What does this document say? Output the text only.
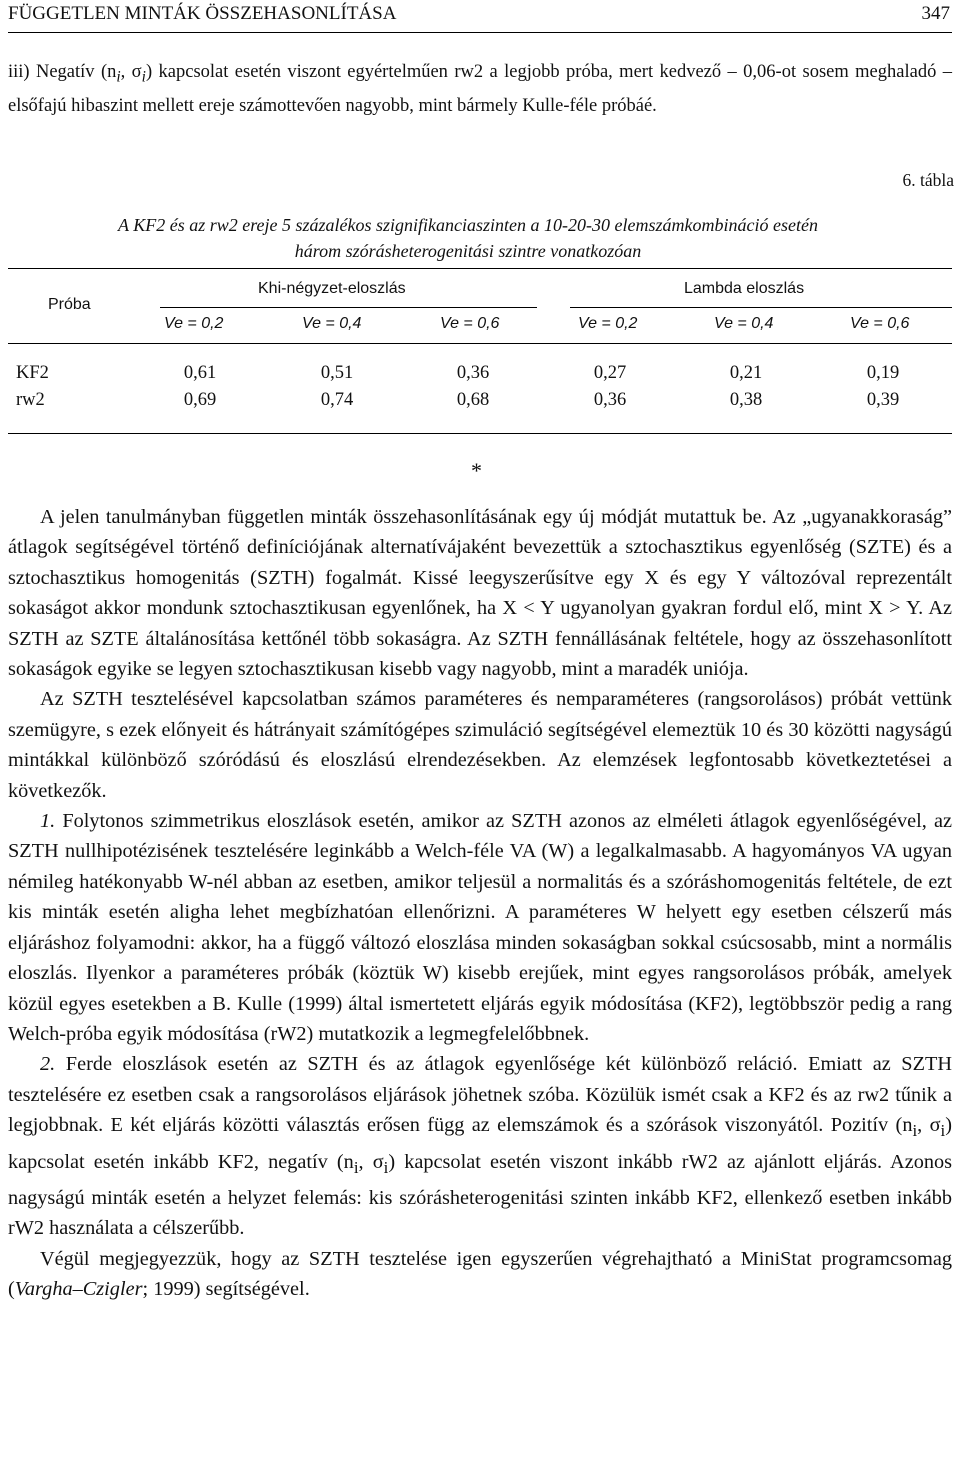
FÜGGETLEN MINTÁK ÖSSZEHASONLÍTÁSA	347

iii) Negatív ($n_i$, $\sigma_i$) kapcsolat esetén viszont egyértelműen rw2 a legjobb próba, mert kedvező – 0,06-ot sosem meghaladó – elsőfajú hibaszint mellett ereje számottevően nagyobb, mint bármely Kulle-féle próbáé.

6. tábla
A KF2 és az rw2 ereje 5 százalékos szignifikanciaszinten a 10-20-30 elemszámkombináció esetén
három szórásheterogenitási szintre vonatkozóan
Próba
Khi-négyzet-eloszlás	Lambda eloszlás
Ve = 0,2	Ve = 0,4	Ve = 0,6	Ve = 0,2	Ve = 0,4	Ve = 0,6
KF2	0,61	0,51	0,36	0,27	0,21	0,19
rw2	0,69	0,74	0,68	0,36	0,38	0,39
*

A jelen tanulmányban független minták összehasonlításának egy új módját mutattuk be. Az „ugyanakkoraság” átlagok segítségével történő definíciójának alternatívájaként bevezettük a sztochasztikus egyenlőség (SZTE) és a sztochasztikus homogenitás (SZTH) fogalmát. Kissé leegyszerűsítve egy X és egy Y változóval reprezentált sokaságot akkor mondunk sztochasztikusan egyenlőnek, ha X < Y ugyanolyan gyakran fordul elő, mint X > Y. Az SZTH az SZTE általánosítása kettőnél több sokaságra. Az SZTH fennállásának feltétele, hogy az összehasonlított sokaságok egyike se legyen sztochasztikusan kisebb vagy nagyobb, mint a maradék uniója.

Az SZTH tesztelésével kapcsolatban számos paraméteres és nemparaméteres (rangsorolásos) próbát vettünk szemügyre, s ezek előnyeit és hátrányait számítógépes szimuláció segítségével elemeztük 10 és 30 közötti nagyságú mintákkal különböző szóródású és eloszlású elrendezésekben. Az elemzések legfontosabb következtetései a következők.

1. Folytonos szimmetrikus eloszlások esetén, amikor az SZTH azonos az elméleti átlagok egyenlőségével, az SZTH nullhipotézisének tesztelésére leginkább a Welch-féle VA (W) a legalkalmasabb. A hagyományos VA ugyan némileg hatékonyabb W-nél abban az esetben, amikor teljesül a normalitás és a szóráshomogenitás feltétele, de ezt kis minták esetén aligha lehet megbízhatóan ellenőrizni. A paraméteres W helyett egy esetben célszerű más eljáráshoz folyamodni: akkor, ha a függő változó eloszlása minden sokaságban sokkal csúcsosabb, mint a normális eloszlás. Ilyenkor a paraméteres próbák (köztük W) kisebb erejűek, mint egyes rangsorolásos próbák, amelyek közül egyes esetekben a B. Kulle (1999) által ismertetett eljárás egyik módosítása (KF2), legtöbbször pedig a rang Welch-próba egyik módosítása (rW2) mutatkozik a legmegfelelőbbnek.

2. Ferde eloszlások esetén az SZTH és az átlagok egyenlősége két különböző reláció. Emiatt az SZTH tesztelésére ez esetben csak a rangsorolásos eljárások jöhetnek szóba. Közülük ismét csak a KF2 és az rw2 tűnik a legjobbnak. E két eljárás közötti választás erősen függ az elemszámok és a szórások viszonyától. Pozitív ($n_i$, $\sigma_i$) kapcsolat esetén inkább KF2, negatív ($n_i$, $\sigma_i$) kapcsolat esetén viszont inkább rW2 az ajánlott eljárás. Azonos nagyságú minták esetén a helyzet felemás: kis szórásheterogenitási szinten inkább KF2, ellenkező esetben inkább rW2 használata a célszerűbb.

Végül megjegyezzük, hogy az SZTH tesztelése igen egyszerűen végrehajtható a MiniStat programcsomag (Vargha–Czigler; 1999) segítségével.
